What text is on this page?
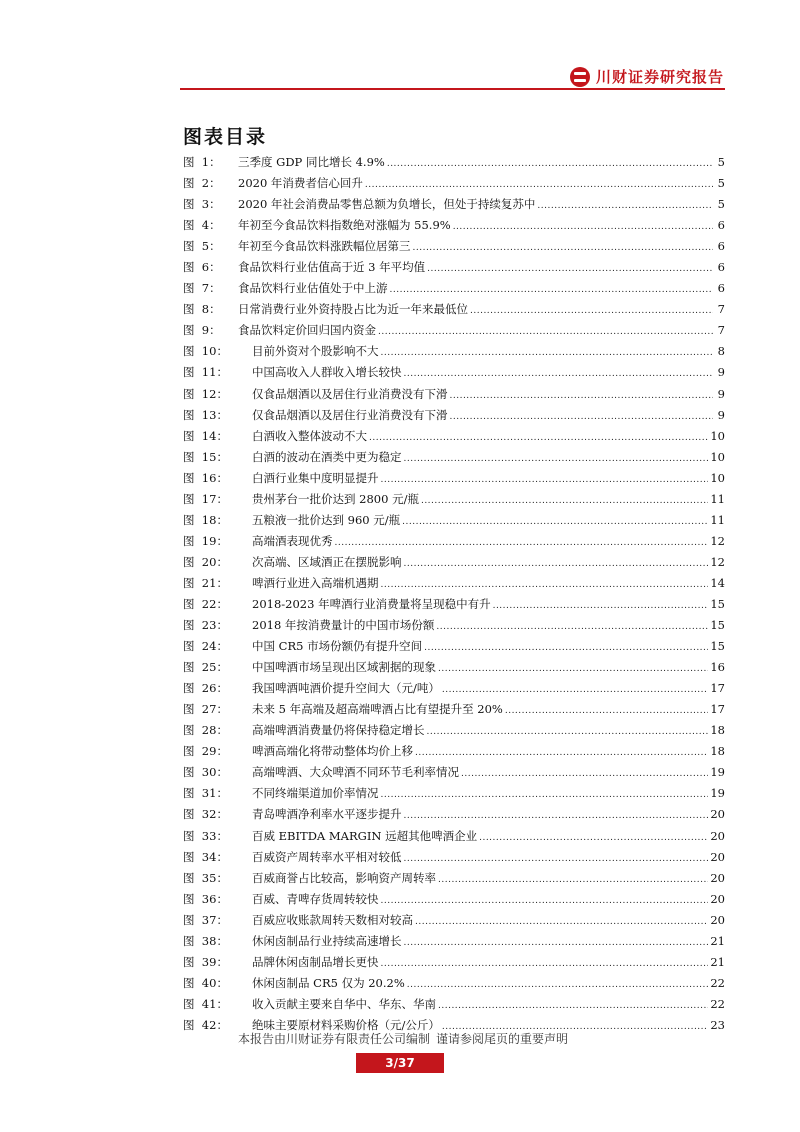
川财证券研究报告
图表目录
图  1：	三季度 GDP 同比增长 4.9% .....	5
图  2：	2020 年消费者信心回升 .....	5
图  3：	2020 年社会消费品零售总额为负增长，但处于持续复苏中 .....	5
图  4：	年初至今食品饮料指数绝对涨幅为 55.9% .....	6
图  5：	年初至今食品饮料涨跌幅位居第三 .....	6
图  6：	食品饮料行业估值高于近 3 年平均值 .....	6
图  7：	食品饮料行业估值处于中上游 .....	6
图  8：	日常消费行业外资持股占比为近一年来最低位 .....	7
图  9：	食品饮料定价回归国内资金 .....	7
图  10：	目前外资对个股影响不大 .....	8
图  11：	中国高收入人群收入增长较快 .....	9
图  12：	仅食品烟酒以及居住行业消费没有下滑 .....	9
图  13：	仅食品烟酒以及居住行业消费没有下滑 .....	9
图  14：	白酒收入整体波动不大 .....	10
图  15：	白酒的波动在酒类中更为稳定 .....	10
图  16：	白酒行业集中度明显提升 .....	10
图  17：	贵州茅台一批价达到 2800 元/瓶 .....	11
图  18：	五粮液一批价达到 960 元/瓶 .....	11
图  19：	高端酒表现优秀 .....	12
图  20：	次高端、区域酒正在摆脱影响 .....	12
图  21：	啤酒行业进入高端机遇期 .....	14
图  22：	2018-2023 年啤酒行业消费量将呈现稳中有升 .....	15
图  23：	2018 年按消费量计的中国市场份额 .....	15
图  24：	中国 CR5 市场份额仍有提升空间 .....	15
图  25：	中国啤酒市场呈现出区域割据的现象 .....	16
图  26：	我国啤酒吨酒价提升空间大（元/吨） .....	17
图  27：	未来 5 年高端及超高端啤酒占比有望提升至 20% .....	17
图  28：	高端啤酒消费量仍将保持稳定增长 .....	18
图  29：	啤酒高端化将带动整体均价上移 .....	18
图  30：	高端啤酒、大众啤酒不同环节毛利率情况 .....	19
图  31：	不同终端渠道加价率情况 .....	19
图  32：	青岛啤酒净利率水平逐步提升 .....	20
图  33：	百威 EBITDA MARGIN 远超其他啤酒企业 .....	20
图  34：	百威资产周转率水平相对较低 .....	20
图  35：	百威商誉占比较高，影响资产周转率 .....	20
图  36：	百威、青啤存货周转较快 .....	20
图  37：	百威应收账款周转天数相对较高 .....	20
图  38：	休闲卤制品行业持续高速增长 .....	21
图  39：	品牌休闲卤制品增长更快 .....	21
图  40：	休闲卤制品 CR5 仅为 20.2% .....	22
图  41：	收入贡献主要来自华中、华东、华南 .....	22
图  42：	绝味主要原材料采购价格（元/公斤） .....	23
本报告由川财证券有限责任公司编制 谨请参阅尾页的重要声明
3/37
